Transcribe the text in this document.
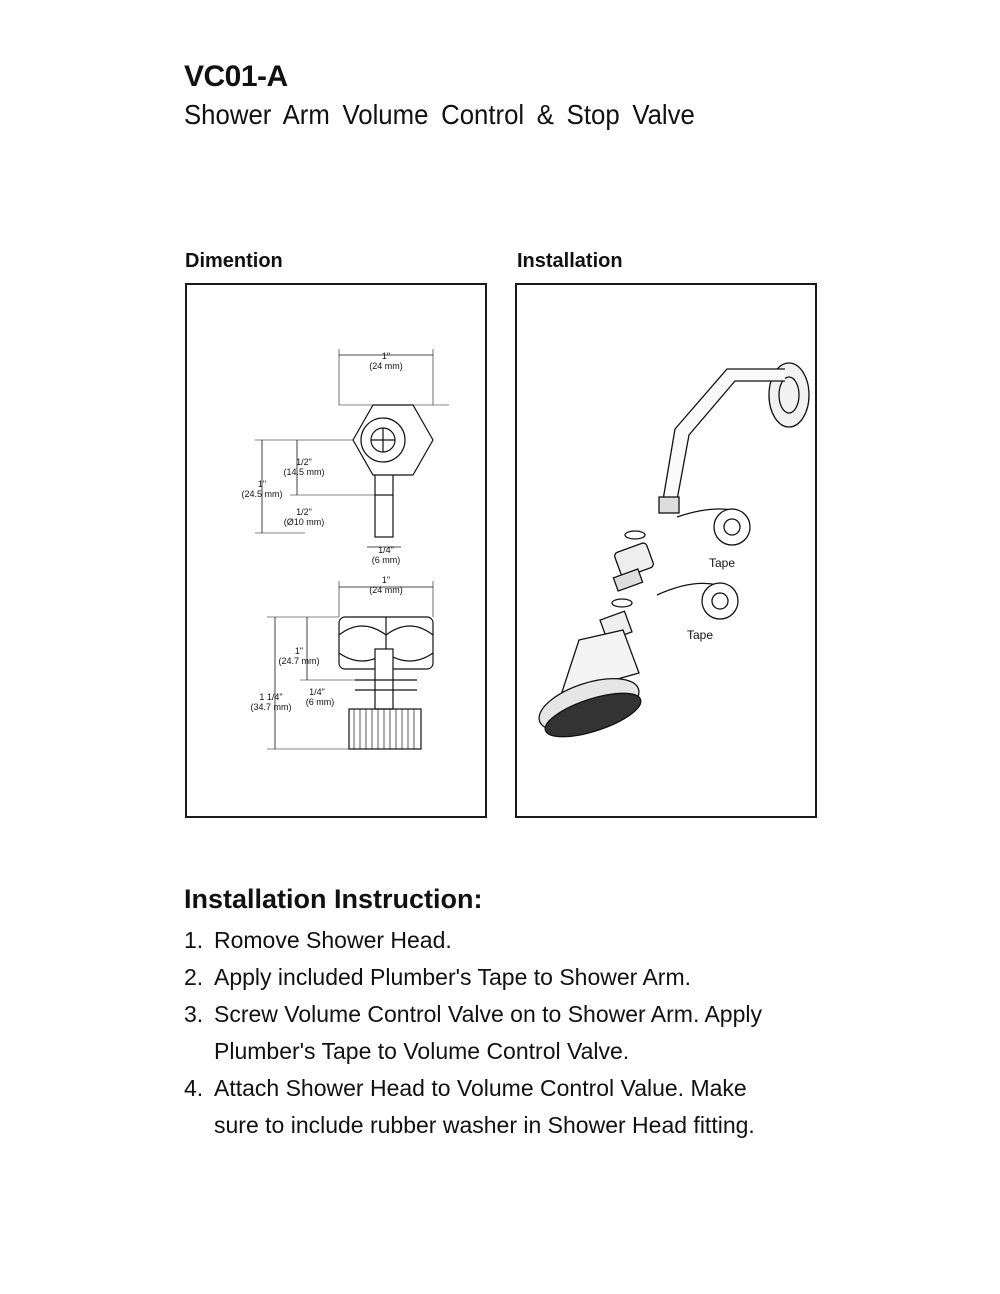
VC01-A
Shower Arm Volume Control & Stop Valve
Dimention	Installation
1"
(24 mm)
1/2"
(14.5 mm)
1"
(24.5 mm)
1/2"
(Ø10 mm)
1/4"
(6 mm)
1"
(24 mm)
1"
(24.7 mm)
1 1/4"
(34.7 mm)
1/4"
(6 mm)
Tape
Tape
Installation Instruction:
1. Romove Shower Head.
2. Apply included Plumber's Tape to Shower Arm.
3. Screw Volume Control Valve on to Shower Arm. Apply
Plumber's Tape to Volume Control Valve.
4. Attach Shower Head to Volume Control Value. Make
sure to include rubber washer in Shower Head fitting.
